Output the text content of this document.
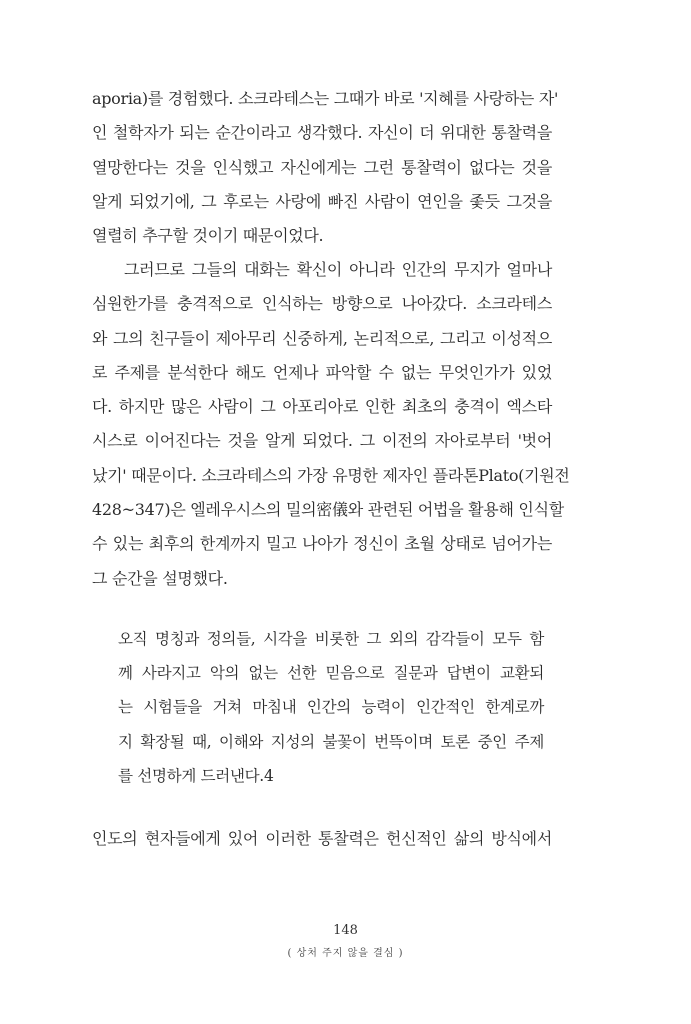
aporia)를 경험했다. 소크라테스는 그때가 바로 '지혜를 사랑하는 자'
인 철학자가 되는 순간이라고 생각했다. 자신이 더 위대한 통찰력을
열망한다는 것을 인식했고 자신에게는 그런 통찰력이 없다는 것을
알게 되었기에, 그 후로는 사랑에 빠진 사람이 연인을 좇듯 그것을
열렬히 추구할 것이기 때문이었다.

그러므로 그들의 대화는 확신이 아니라 인간의 무지가 얼마나
심원한가를 충격적으로 인식하는 방향으로 나아갔다. 소크라테스
와 그의 친구들이 제아무리 신중하게, 논리적으로, 그리고 이성적으
로 주제를 분석한다 해도 언제나 파악할 수 없는 무엇인가가 있었
다. 하지만 많은 사람이 그 아포리아로 인한 최초의 충격이 엑스타
시스로 이어진다는 것을 알게 되었다. 그 이전의 자아로부터 '벗어
났기' 때문이다. 소크라테스의 가장 유명한 제자인 플라톤Plato(기원전
428~347)은 엘레우시스의 밀의密儀와 관련된 어법을 활용해 인식할
수 있는 최후의 한계까지 밀고 나아가 정신이 초월 상태로 넘어가는
그 순간을 설명했다.

오직 명칭과 정의들, 시각을 비롯한 그 외의 감각들이 모두 함
께 사라지고 악의 없는 선한 믿음으로 질문과 답변이 교환되
는 시험들을 거쳐 마침내 인간의 능력이 인간적인 한계로까
지 확장될 때, 이해와 지성의 불꽃이 번뜩이며 토론 중인 주제
를 선명하게 드러낸다.4

인도의 현자들에게 있어 이러한 통찰력은 헌신적인 삶의 방식에서

148
( 상처 주지 않을 결심 )
